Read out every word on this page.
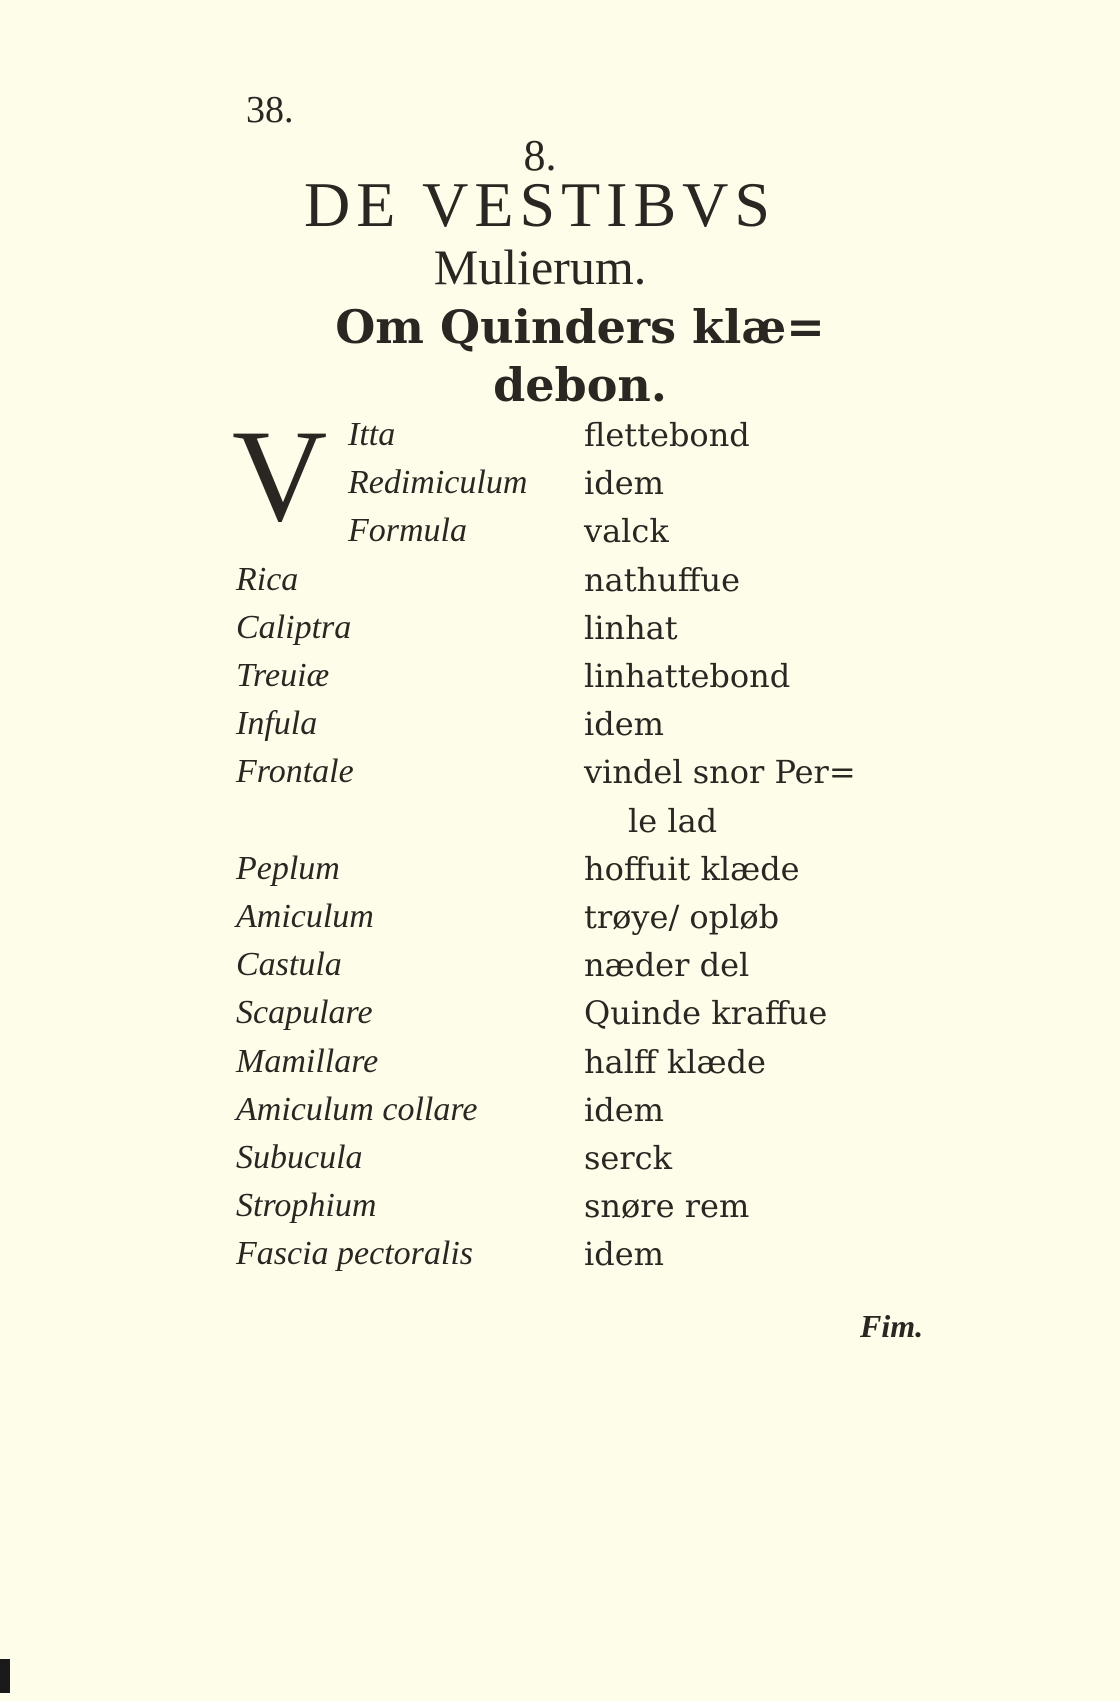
38.
8.
DE VESTIBVS
Mulierum.
Om Quinders klæ=
debon.
V Itta	flettebond
Redimiculum idem
Formula	valck
Rica	nathuffue
Caliptra	linhat
Treuiæ	linhattebond
Infula	idem
Frontale	vindel snor Per=
le lad
Peplum	hoffuit klæde
Amiculum	trøye/ opløb
Castula	næder del
Scapulare	Quinde kraffue
Mamillare	halff klæde
Amiculum collare	idem
Subucula	serck
Strophium	snøre rem
Fascia pectoralis	idem
Fim.
